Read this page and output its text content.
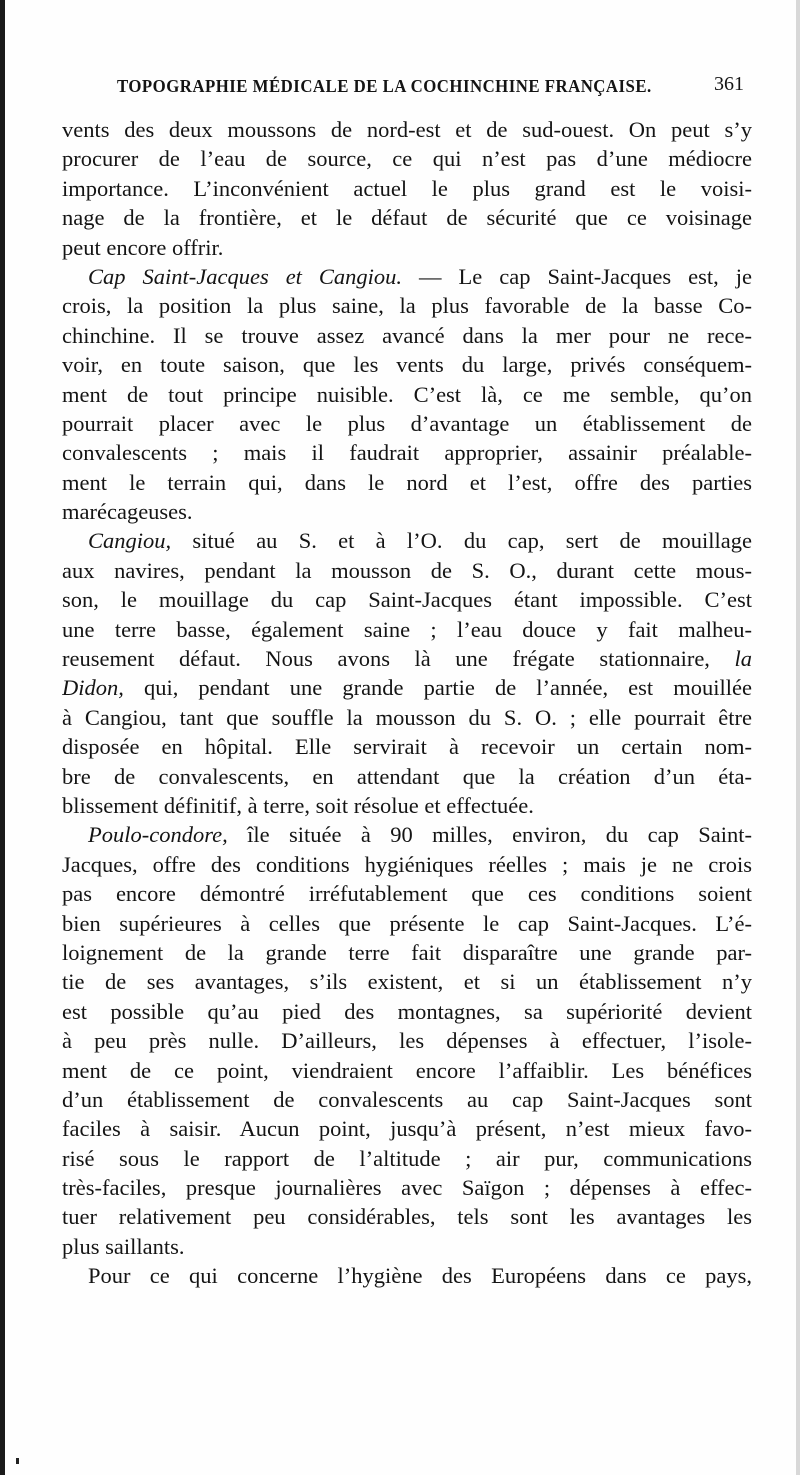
TOPOGRAPHIE MÉDICALE DE LA COCHINCHINE FRANÇAISE.	361
vents des deux moussons de nord-est et de sud-ouest. On peut s’y
procurer de l’eau de source, ce qui n’est pas d’une médiocre
importance. L’inconvénient actuel le plus grand est le voisi-
nage de la frontière, et le défaut de sécurité que ce voisinage
peut encore offrir.
Cap Saint-Jacques et Cangiou. — Le cap Saint-Jacques est, je
crois, la position la plus saine, la plus favorable de la basse Co-
chinchine. Il se trouve assez avancé dans la mer pour ne rece-
voir, en toute saison, que les vents du large, privés conséquem-
ment de tout principe nuisible. C’est là, ce me semble, qu’on
pourrait placer avec le plus d’avantage un établissement de
convalescents ; mais il faudrait approprier, assainir préalable-
ment le terrain qui, dans le nord et l’est, offre des parties
marécageuses.
Cangiou, situé au S. et à l’O. du cap, sert de mouillage
aux navires, pendant la mousson de S. O., durant cette mous-
son, le mouillage du cap Saint-Jacques étant impossible. C’est
une terre basse, également saine ; l’eau douce y fait malheu-
reusement défaut. Nous avons là une frégate stationnaire, la
Didon, qui, pendant une grande partie de l’année, est mouillée
à Cangiou, tant que souffle la mousson du S. O. ; elle pourrait être
disposée en hôpital. Elle servirait à recevoir un certain nom-
bre de convalescents, en attendant que la création d’un éta-
blissement définitif, à terre, soit résolue et effectuée.
Poulo-condore, île située à 90 milles, environ, du cap Saint-
Jacques, offre des conditions hygiéniques réelles ; mais je ne crois
pas encore démontré irréfutablement que ces conditions soient
bien supérieures à celles que présente le cap Saint-Jacques. L’é-
loignement de la grande terre fait disparaître une grande par-
tie de ses avantages, s’ils existent, et si un établissement n’y
est possible qu’au pied des montagnes, sa supériorité devient
à peu près nulle. D’ailleurs, les dépenses à effectuer, l’isole-
ment de ce point, viendraient encore l’affaiblir. Les bénéfices
d’un établissement de convalescents au cap Saint-Jacques sont
faciles à saisir. Aucun point, jusqu’à présent, n’est mieux favo-
risé sous le rapport de l’altitude ; air pur, communications
très-faciles, presque journalières avec Saïgon ; dépenses à effec-
tuer relativement peu considérables, tels sont les avantages les
plus saillants.
Pour ce qui concerne l’hygiène des Européens dans ce pays,
